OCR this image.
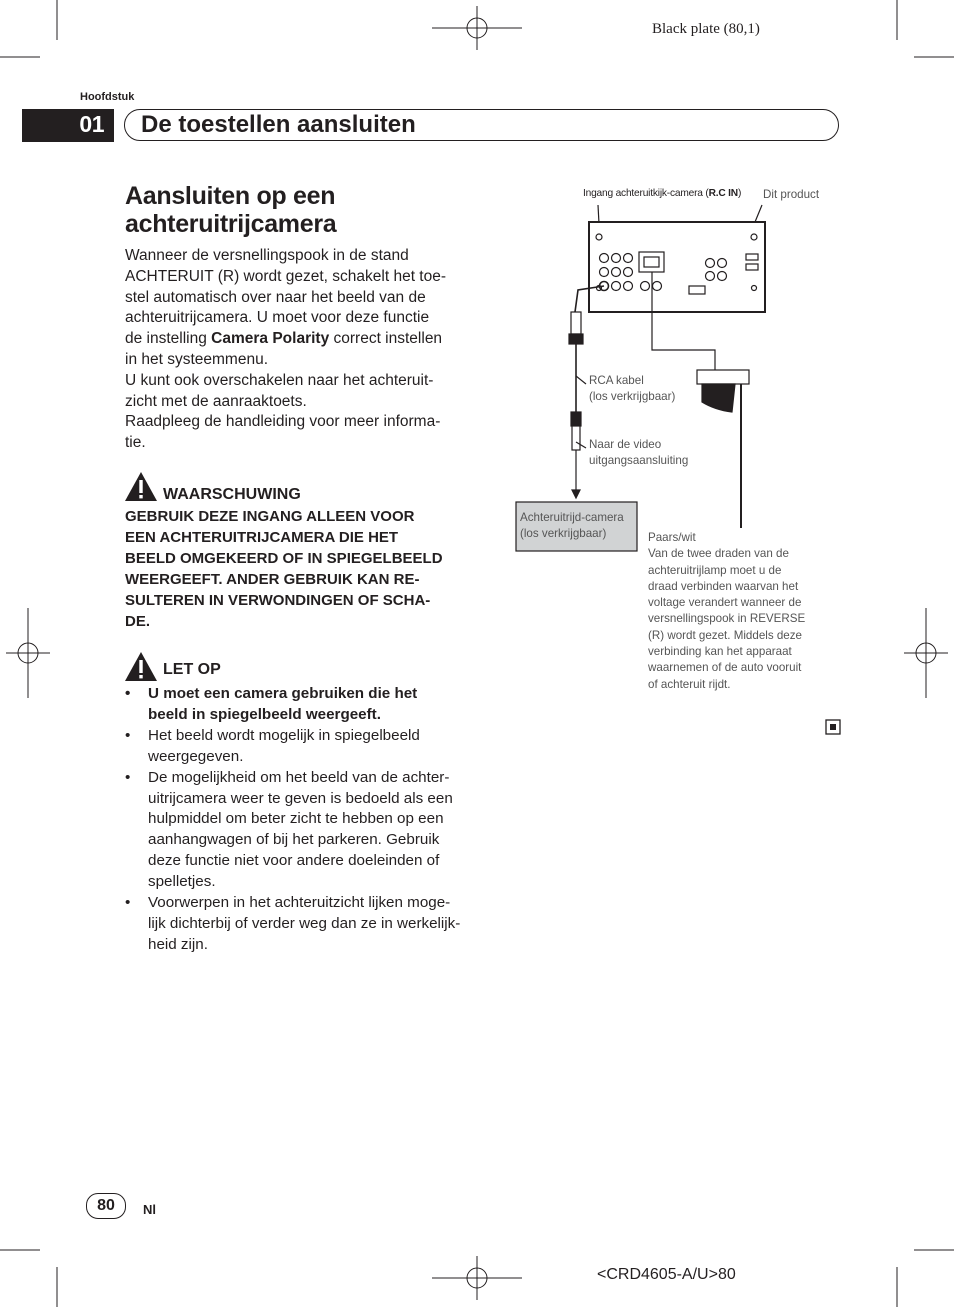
Black plate (80,1)
Hoofdstuk
01 De toestellen aansluiten
Aansluiten op een
achteruitrijcamera

Wanneer de versnellingspook in de stand
ACHTERUIT (R) wordt gezet, schakelt het toe-
stel automatisch over naar het beeld van de
achteruitrijcamera. U moet voor deze functie
de instelling Camera Polarity correct instellen
in het systeemmenu.

U kunt ook overschakelen naar het achteruit-
zicht met de aanraaktoets.

Raadpleeg de handleiding voor meer informa-
tie.

WAARSCHUWING
GEBRUIK DEZE INGANG ALLEEN VOOR
EEN ACHTERUITRIJCAMERA DIE HET
BEELD OMGEKEERD OF IN SPIEGELBEELD
WEERGEEFT. ANDER GEBRUIK KAN RE-
SULTEREN IN VERWONDINGEN OF SCHA-
DE.
LET OP

• U moet een camera gebruiken die het
beeld in spiegelbeeld weergeeft.

• Het beeld wordt mogelijk in spiegelbeeld
weergegeven.

• De mogelijkheid om het beeld van de achter-
uitrijcamera weer te geven is bedoeld als een
hulpmiddel om beter zicht te hebben op een
aanhangwagen of bij het parkeren. Gebruik
deze functie niet voor andere doeleinden of
spelletjes.

• Voorwerpen in het achteruitzicht lijken moge-
lijk dichterbij of verder weg dan ze in werkelijk-
heid zijn.

Ingang achteruitkijk-camera (R.C IN) Dit product
RCA kabel
(los verkrijgbaar)
Naar de video
uitgangsaansluiting
Achteruitrijd-camera
(los verkrijgbaar)	Paars/wit
Van de twee draden van de
achteruitrijlamp moet u de
draad verbinden waarvan het
voltage verandert wanneer de
versnellingspook in REVERSE
(R) wordt gezet. Middels deze
verbinding kan het apparaat
waarnemen of de auto vooruit
of achteruit rijdt.
80	Nl
<CRD4605-A/U>80
